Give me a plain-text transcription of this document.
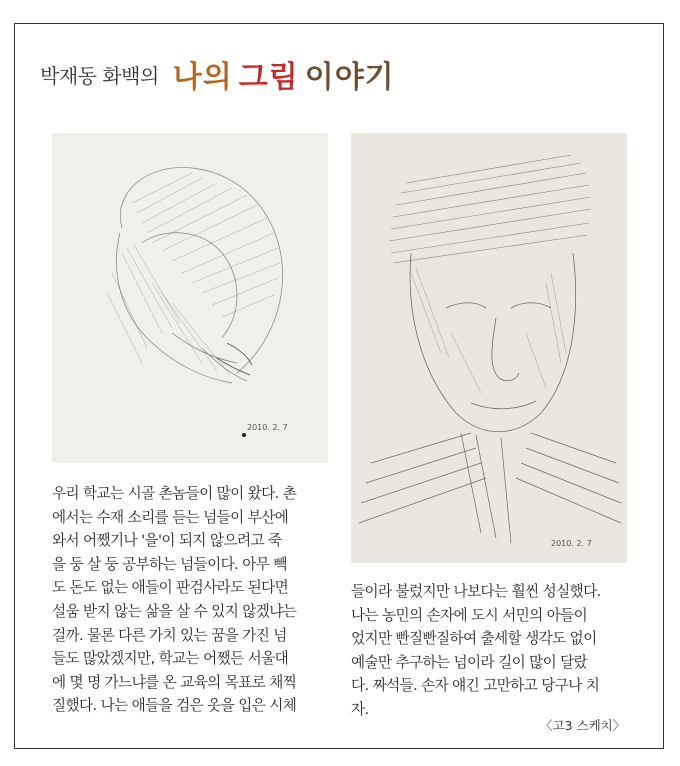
박재동 화백의 나의 그림 이야기
2010. 2. 7
2010. 2. 7
우리 학교는 시골 촌놈들이 많이 왔다. 촌
에서는 수재 소리를 듣는 넘들이 부산에
와서 어쨌기나 '을'이 되지 않으려고 죽
을 둥 살 둥 공부하는 넘들이다. 아무 빽
도 돈도 없는 애들이 판검사라도 된다면
설움 받지 않는 삶을 살 수 있지 않겠냐는
걸까. 물론 다른 가치 있는 꿈을 가진 넘
들도 많았겠지만, 학교는 어쨌든 서울대
에 몇 명 가느냐를 온 교육의 목표로 채찍
질했다. 나는 애들을 검은 옷을 입은 시체
들이라 불렀지만 나보다는 훨씬 성실했다.
나는 농민의 손자에 도시 서민의 아들이
었지만 빤질빤질하여 출세할 생각도 없이
예술만 추구하는 넘이라 길이 많이 달랐
다. 짜석들. 손자 얘긴 고만하고 당구나 치
자.
〈고3 스케치〉
